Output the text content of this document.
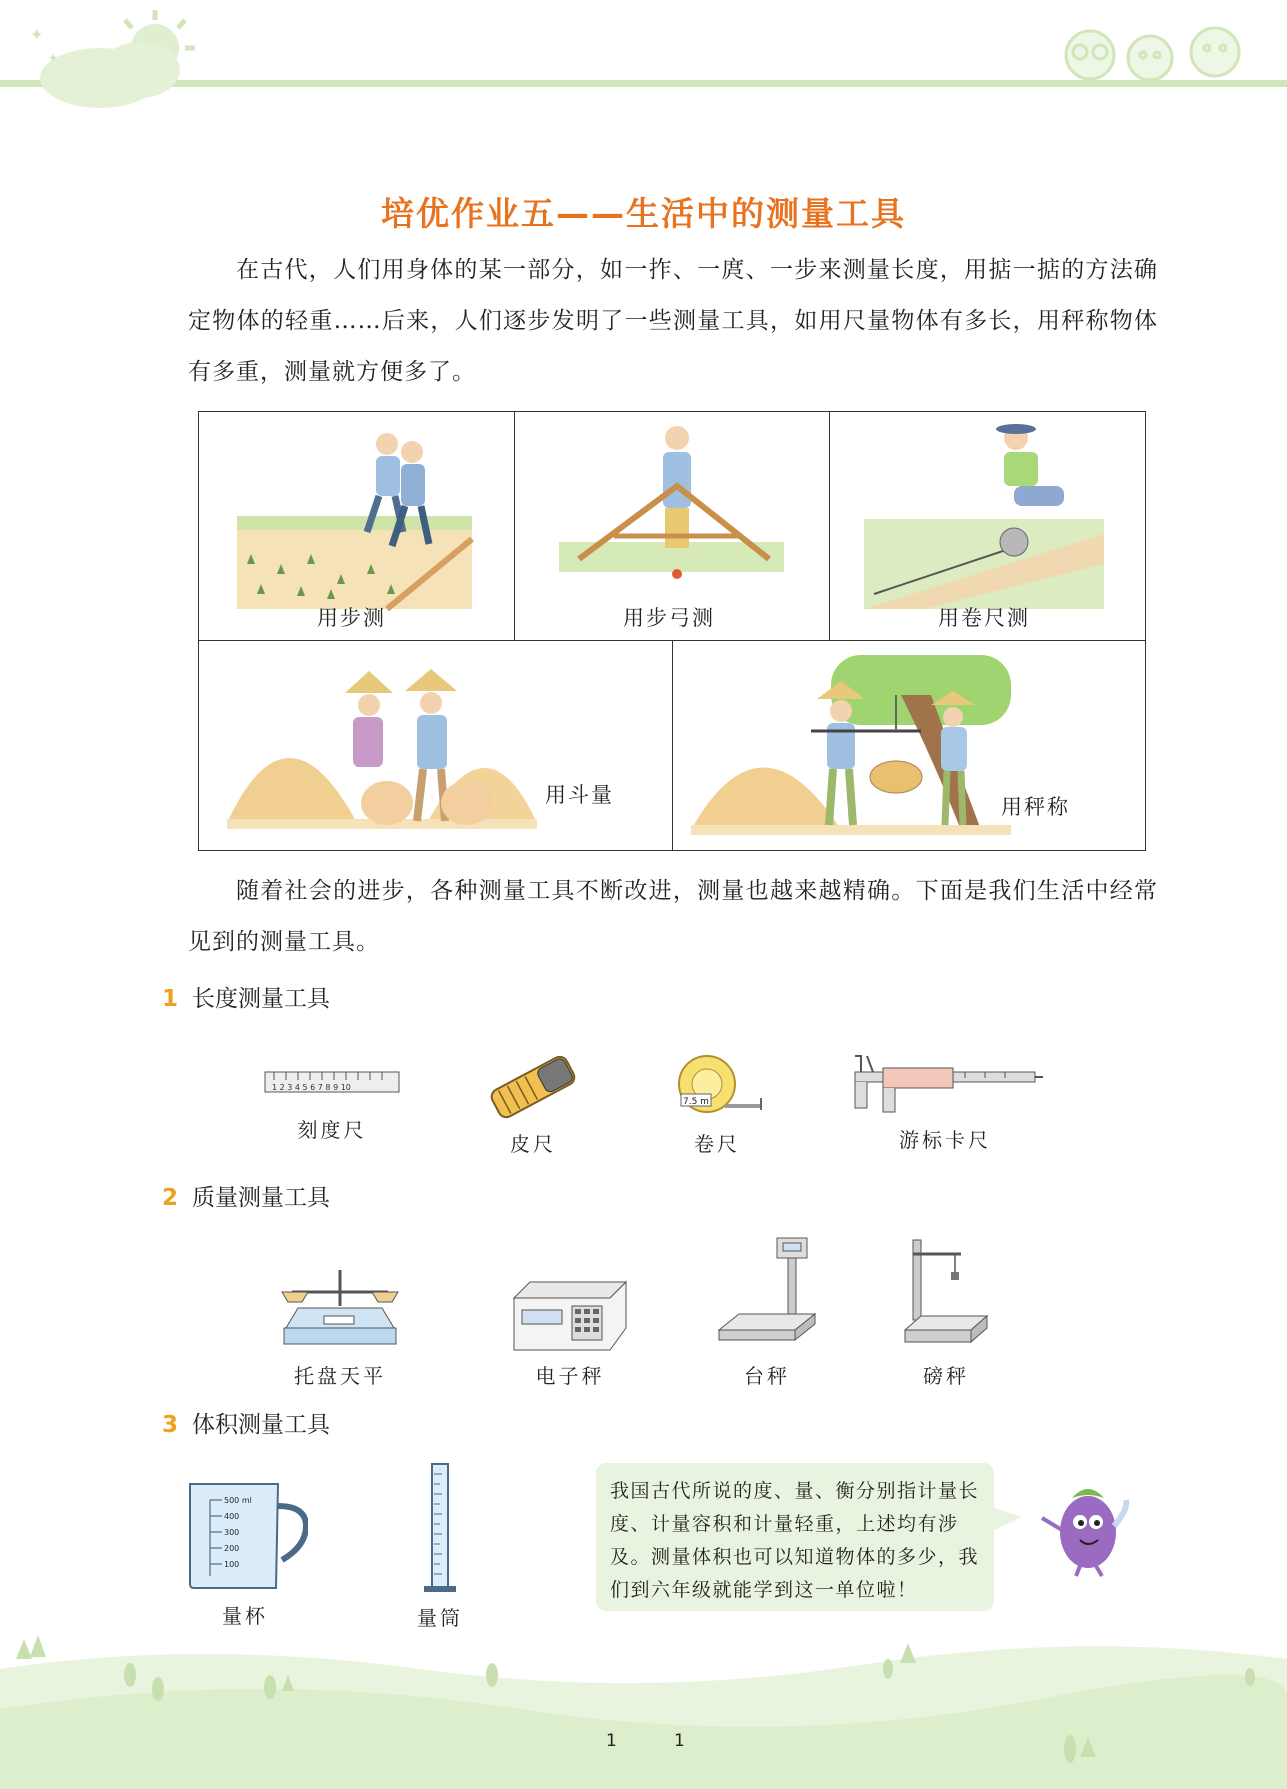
✦
✦
培优作业五——生活中的测量工具

在古代，人们用身体的某一部分，如一拃、一庹、一步来测量长度，用掂一掂的方法确定物体的轻重……后来，人们逐步发明了一些测量工具，如用尺量物体有多长，用秤称物体有多重，测量就方便多了。

用步测	用步弓测	用卷尺测
用斗量	用秤称

随着社会的进步，各种测量工具不断改进，测量也越来越精确。下面是我们生活中经常见到的测量工具。

1 长度测量工具
1 2 3 4 5 6 7 8 9 10
刻度尺
皮尺
7.5 m
卷尺	游标卡尺
2 质量测量工具
托盘天平	电子秤	台秤	磅秤
3 体积测量工具
500 ml
400
300
200
100
量杯	量筒
我国古代所说的度、量、衡分别指计量长度、计量容积和计量轻重，上述均有涉及。测量体积也可以知道物体的多少，我们到六年级就能学到这一单位啦！
1	1
